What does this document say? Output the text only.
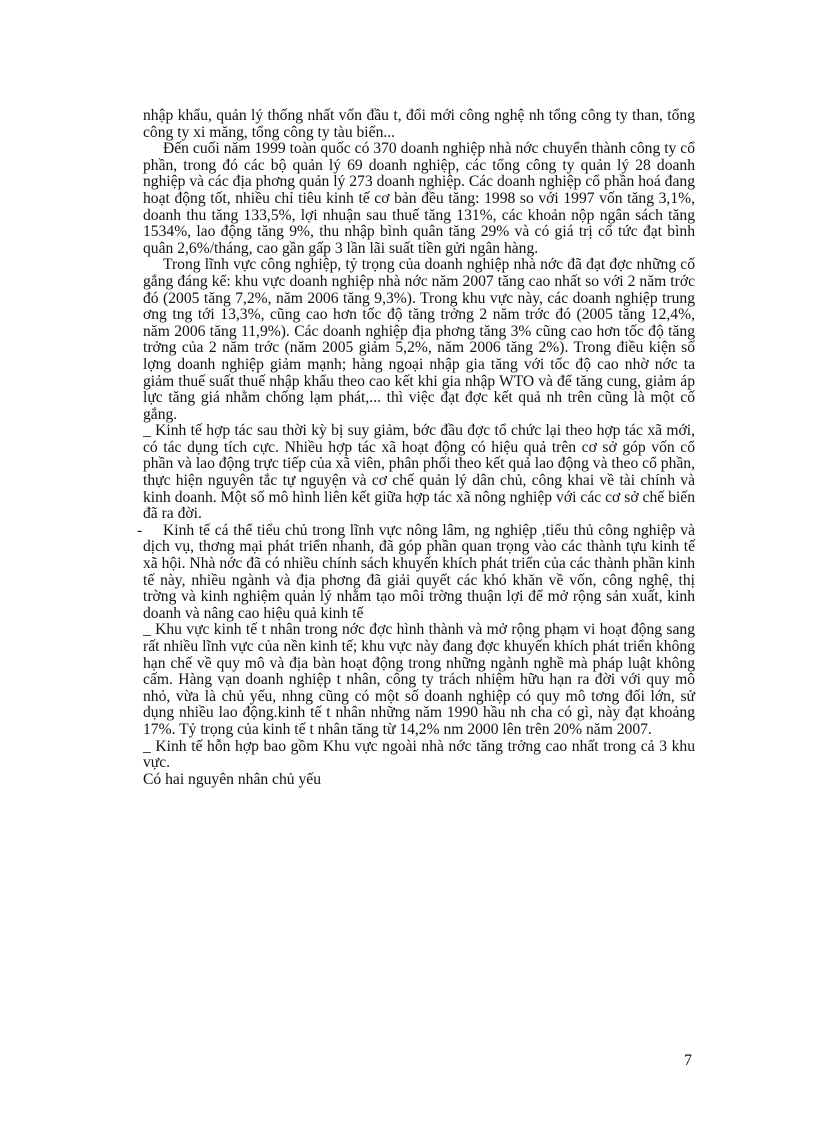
nhập khẩu, quản lý thống nhất vốn đầu t, đổi mới công nghệ nh tổng công ty than, tổng công ty xi măng, tổng công ty tàu biển...

Đến cuối năm 1999 toàn quốc có 370 doanh nghiệp nhà nớc chuyển thành công ty cổ phần, trong đó các bộ quản lý 69 doanh nghiệp, các tổng công ty quản lý 28 doanh nghiệp và các địa phơng quản lý 273 doanh nghiệp. Các doanh nghiệp cổ phần hoá đang hoạt động tốt, nhiều chỉ tiêu kinh tế cơ bản đều tăng: 1998 so với 1997 vốn tăng 3,1%, doanh thu tăng 133,5%, lợi nhuận sau thuế tăng 131%, các khoản nộp ngân sách tăng 1534%, lao động tăng 9%, thu nhập bình quân tăng 29% và có giá trị cổ tức đạt bình quân 2,6%/tháng, cao gần gấp 3 lần lãi suất tiền gửi ngân hàng.

Trong lĩnh vực công nghiệp, tỷ trọng của doanh nghiệp nhà nớc đã đạt đợc những cố gắng đáng kể: khu vực doanh nghiệp nhà nớc năm 2007 tăng cao nhất so với 2 năm trớc đó (2005 tăng 7,2%, năm 2006 tăng 9,3%). Trong khu vực này, các doanh nghiệp trung ơng tng tới 13,3%, cũng cao hơn tốc độ tăng trởng 2 năm trớc đó (2005 tăng 12,4%, năm 2006 tăng 11,9%). Các doanh nghiệp địa phơng tăng 3% cũng cao hơn tốc độ tăng trởng của 2 năm trớc (năm 2005 giảm 5,2%, năm 2006 tăng 2%). Trong điều kiện số lợng doanh nghiệp giảm mạnh; hàng ngoại nhập gia tăng với tốc độ cao nhờ nớc ta giảm thuế suất thuế nhập khẩu theo cao kết khi gia nhập WTO và để tăng cung, giảm áp lực tăng giá nhằm chống lạm phát,... thì việc đạt đợc kết quả nh trên cũng là một cố gắng.

_ Kinh tế hợp tác sau thời kỳ bị suy giảm, bớc đầu đợc tổ chức lại theo hợp tác xã mới, có tác dụng tích cực. Nhiều hợp tác xã hoạt động có hiệu quả trên cơ sở góp vốn cổ phần và lao động trực tiếp của xã viên, phân phối theo kết quả lao động và theo cổ phần, thực hiện nguyên tắc tự nguyện và cơ chế quản lý dân chủ, công khai về tài chính và kinh doanh. Một số mô hình liên kết giữa hợp tác xã nông nghiệp với các cơ sở chế biến đã ra đời.

- Kinh tế cá thể tiểu chủ trong lĩnh vực nông lâm, ng nghiệp ,tiểu thủ công nghiệp và dịch vụ, thơng mại phát triển nhanh, đã góp phần quan trọng vào các thành tựu kinh tế xã hội. Nhà nớc đã có nhiều chính sách khuyến khích phát triển của các thành phần kinh tế này, nhiều ngành và địa phơng đã giải quyết các khó khăn về vốn, công nghệ, thị trờng và kinh nghiệm quản lý nhằm tạo môi trờng thuận lợi để mở rộng sản xuất, kinh doanh và nâng cao hiệu quả kinh tế

_ Khu vực kinh tế t nhân trong nớc đợc hình thành và mở rộng phạm vi hoạt động sang rất nhiều lĩnh vực của nền kinh tế; khu vực này đang đợc khuyến khích phát triển không hạn chế về quy mô và địa bàn hoạt động trong những ngành nghề mà pháp luật không cấm. Hàng vạn doanh nghiệp t nhân, công ty trách nhiệm hữu hạn ra đời với quy mô nhỏ, vừa là chủ yếu, nhng cũng có một số doanh nghiệp có quy mô tơng đối lớn, sử dụng nhiều lao động.kinh tế t nhân những năm 1990 hầu nh cha có gì, này đạt khoảng 17%. Tỷ trọng của kinh tế t nhân tăng từ 14,2% nm 2000 lên trên 20% năm 2007.

_ Kinh tế hỗn hợp bao gồm Khu vực ngoài nhà nớc tăng trởng cao nhất trong cả 3 khu vực.

Có hai nguyên nhân chủ yếu

7
